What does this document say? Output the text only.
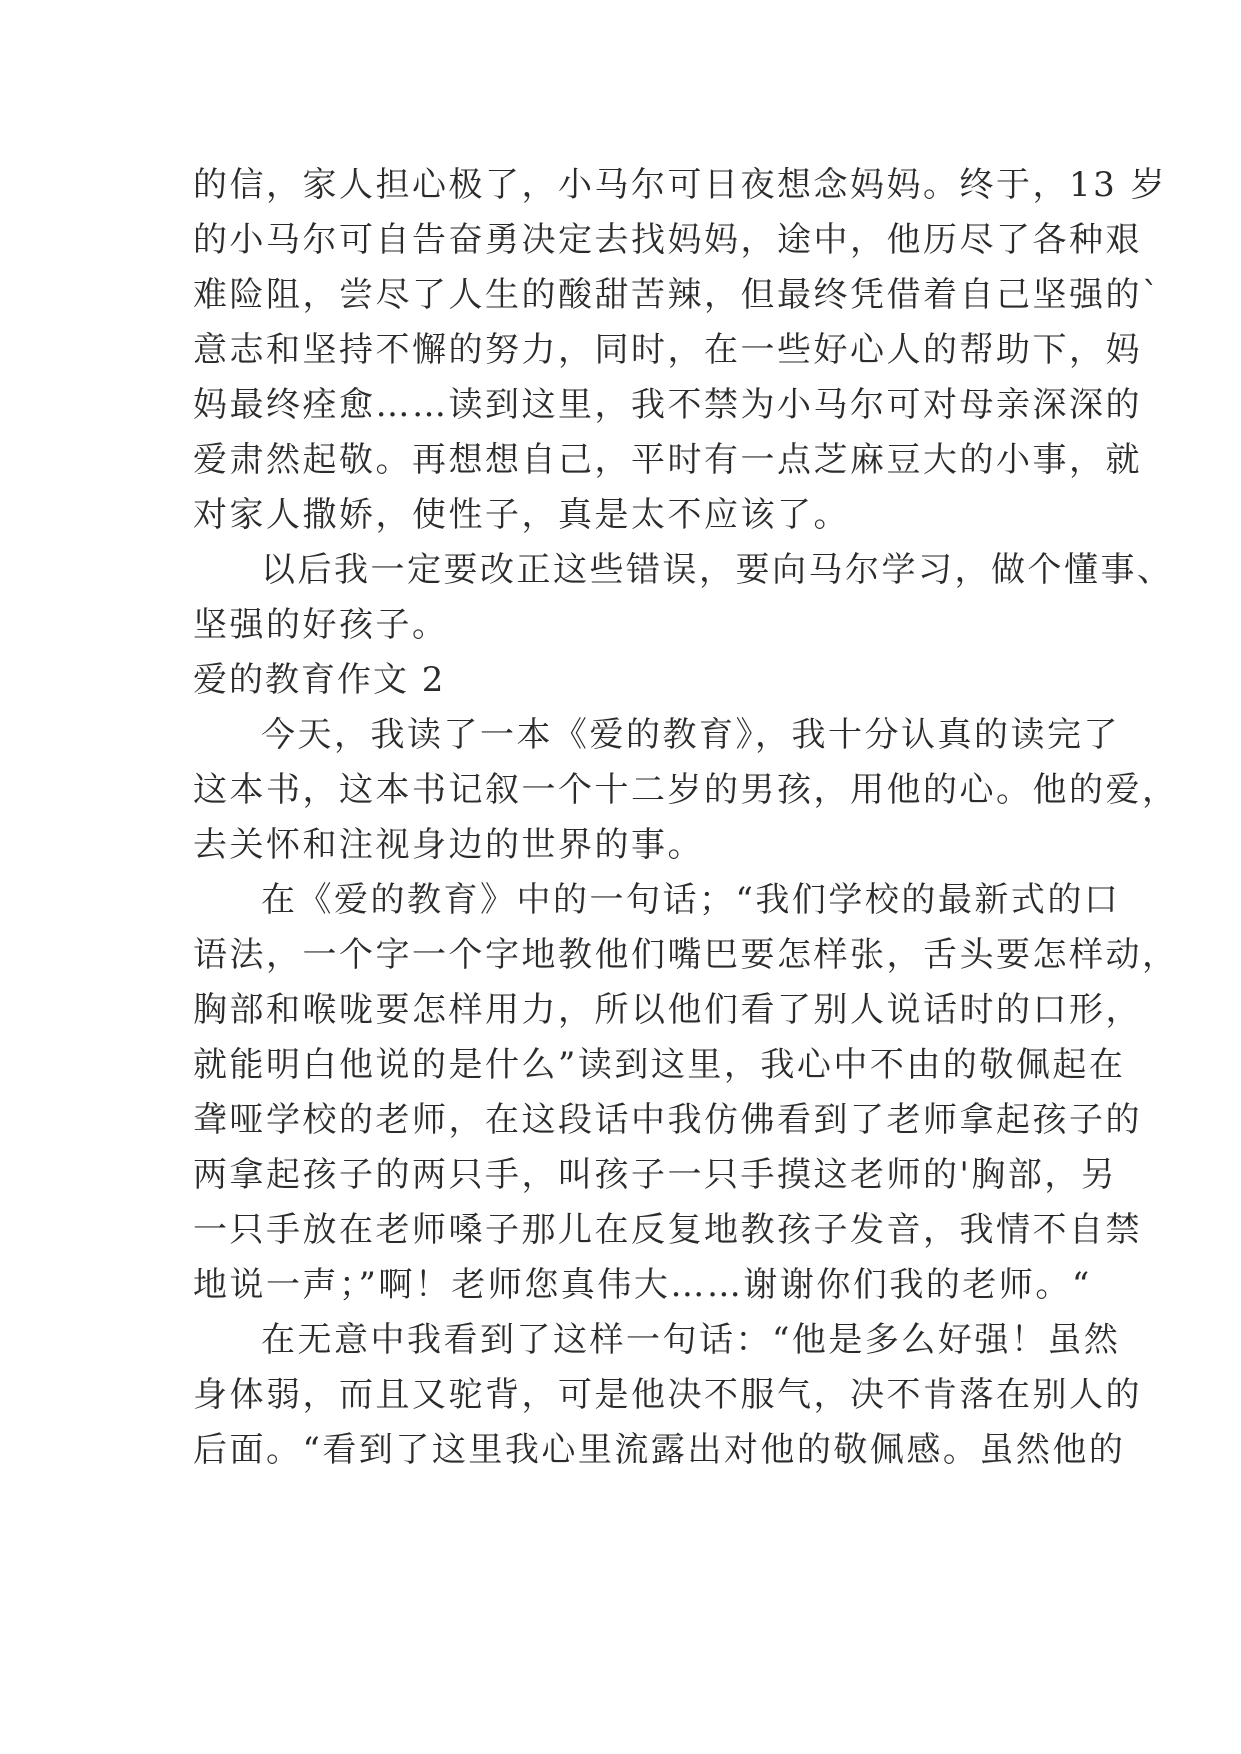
的信，家人担心极了，小马尔可日夜想念妈妈。终于，13 岁
的小马尔可自告奋勇决定去找妈妈，途中，他历尽了各种艰
难险阻，尝尽了人生的酸甜苦辣，但最终凭借着自己坚强的`
意志和坚持不懈的努力，同时，在一些好心人的帮助下，妈
妈最终痊愈……读到这里，我不禁为小马尔可对母亲深深的
爱肃然起敬。再想想自己，平时有一点芝麻豆大的小事，就
对家人撒娇，使性子，真是太不应该了。
以后我一定要改正这些错误，要向马尔学习，做个懂事、
坚强的好孩子。
爱的教育作文 2
今天，我读了一本《爱的教育》，我十分认真的读完了
这本书，这本书记叙一个十二岁的男孩，用他的心。他的爱，
去关怀和注视身边的世界的事。
在《爱的教育》中的一句话；“我们学校的最新式的口
语法，一个字一个字地教他们嘴巴要怎样张，舌头要怎样动，
胸部和喉咙要怎样用力，所以他们看了别人说话时的口形，
就能明白他说的是什么”读到这里，我心中不由的敬佩起在
聋哑学校的老师，在这段话中我仿佛看到了老师拿起孩子的
两拿起孩子的两只手，叫孩子一只手摸这老师的'胸部，另
一只手放在老师嗓子那儿在反复地教孩子发音，我情不自禁
地说一声；”啊！老师您真伟大……谢谢你们我的老师。“
在无意中我看到了这样一句话：“他是多么好强！虽然
身体弱，而且又驼背，可是他决不服气，决不肯落在别人的
后面。“看到了这里我心里流露出对他的敬佩感。虽然他的
